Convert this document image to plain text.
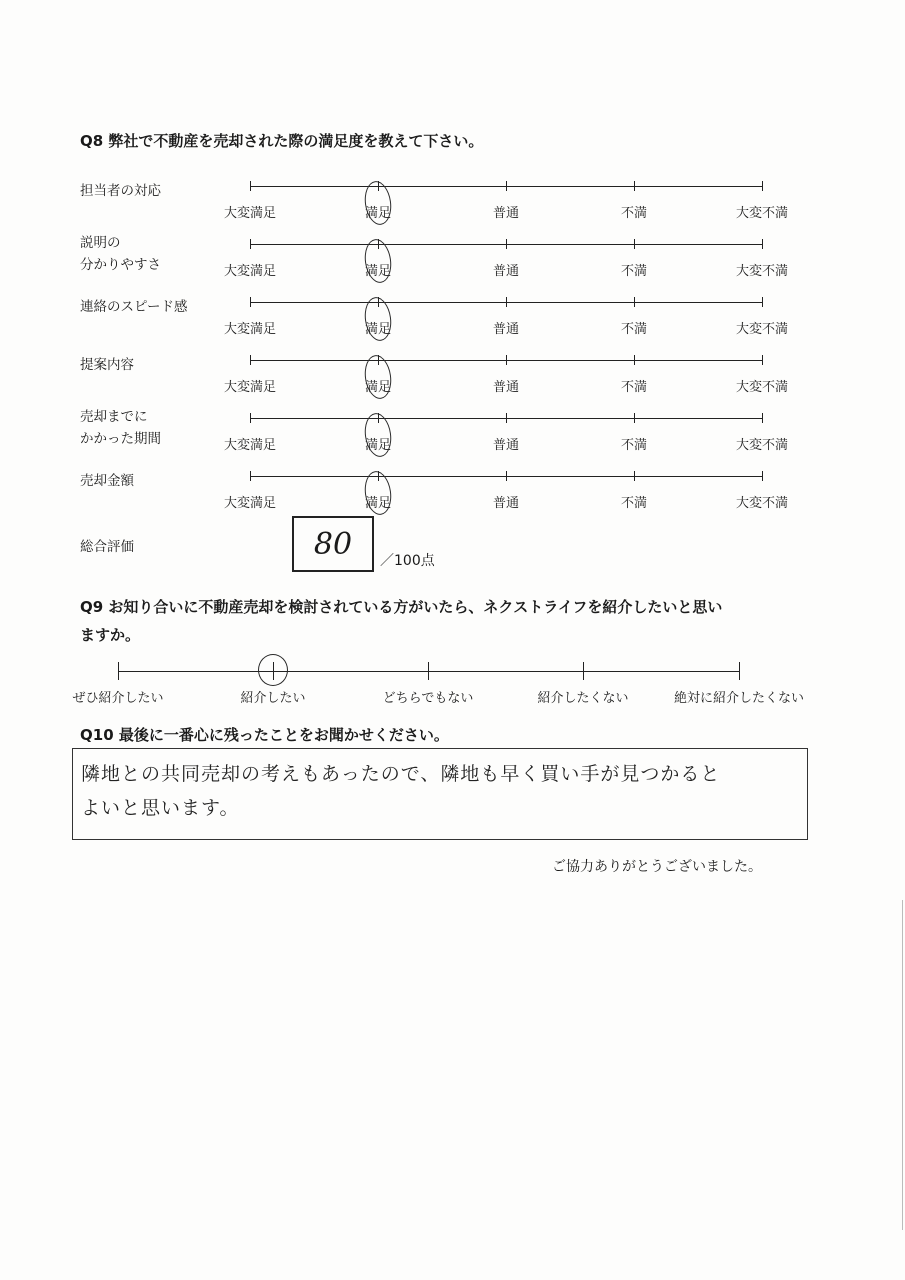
Q8 弊社で不動産を売却された際の満足度を教えて下さい。
担当者の対応
大変満足	満足	普通	不満	大変不満
説明の
分かりやすさ	大変満足	満足	普通	不満	大変不満
連絡のスピード感
大変満足	満足	普通	不満	大変不満
提案内容
大変満足	満足	普通	不満	大変不満
売却までに
かかった期間	大変満足	満足	普通	不満	大変不満
売却金額
大変満足	満足	普通	不満	大変不満
総合評価	80 ／100点
Q9 お知り合いに不動産売却を検討されている方がいたら、ネクストライフを紹介したいと思い
ますか。
ぜひ紹介したい	紹介したい	どちらでもない	紹介したくない	絶対に紹介したくない
Q10 最後に一番心に残ったことをお聞かせください。
隣地との共同売却の考えもあったので、隣地も早く買い手が見つかると
よいと思います。
ご協力ありがとうございました。
